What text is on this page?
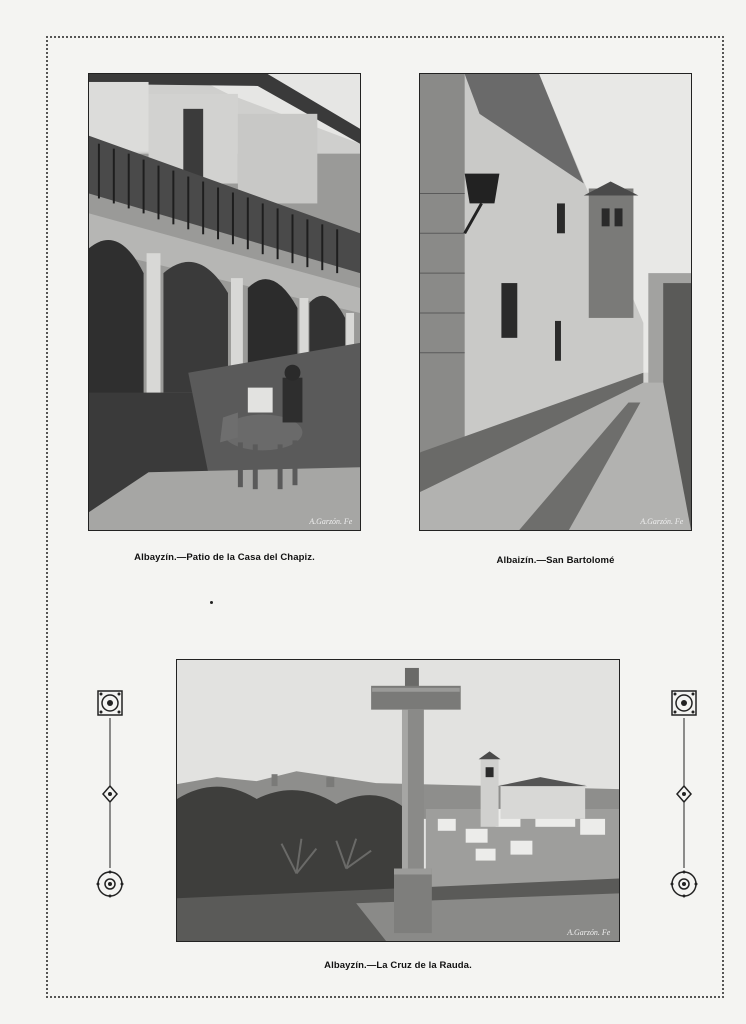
A.Garzón. Fe	A.Garzón. Fe
Albayzín.—Patio de la Casa del Chapiz.	Albaizín.—San Bartolomé
A.Garzón. Fe
Albayzín.—La Cruz de la Rauda.
